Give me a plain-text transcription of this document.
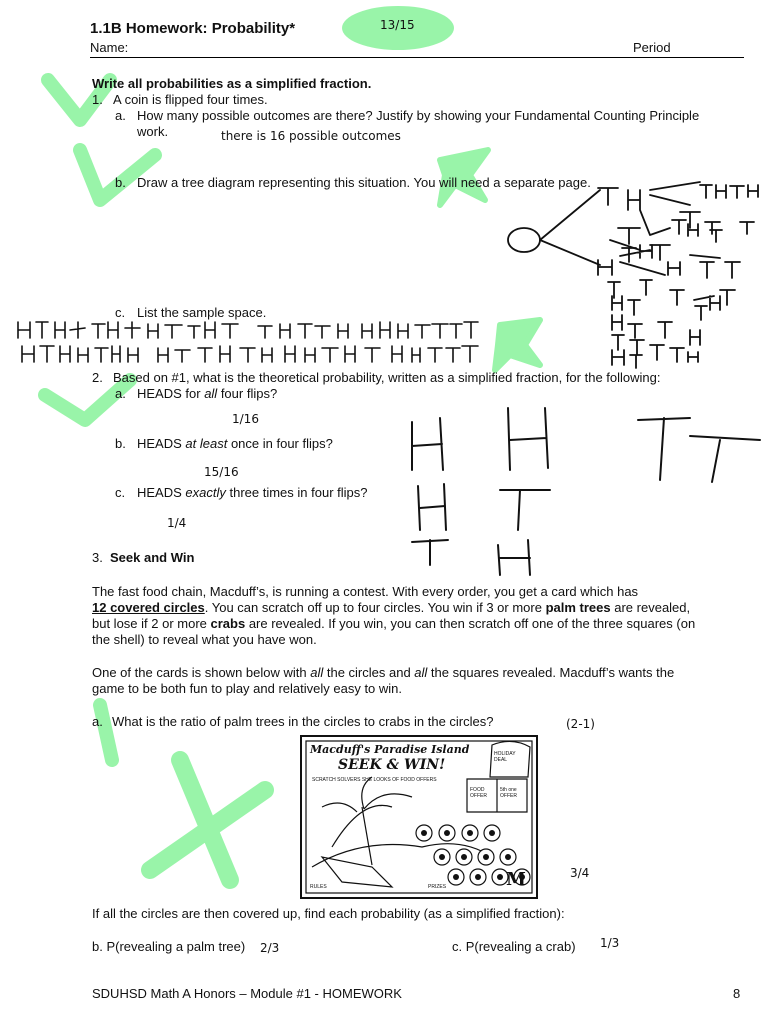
1.1B Homework: Probability*
Name:	Period
13/15
Write all probabilities as a simplified fraction.
1. A coin is flipped four times.
a. How many possible outcomes are there? Justify by showing your Fundamental Counting Principle
work.	there is 16 possible outcomes
b. Draw a tree diagram representing this situation. You will need a separate page.
c. List the sample space.
2. Based on #1, what is the theoretical probability, written as a simplified fraction, for the following:
a. HEADS for all four flips?
1/16
b. HEADS at least once in four flips?
15/16
c. HEADS exactly three times in four flips?
1/4
3. Seek and Win
The fast food chain, Macduff’s, is running a contest. With every order, you get a card which has
12 covered circles. You can scratch off up to four circles. You win if 3 or more palm trees are revealed,
but lose if 2 or more crabs are revealed. If you win, you can then scratch off one of the three squares (on
the shell) to reveal what you have won.
One of the cards is shown below with all the circles and all the squares revealed. Macduff’s wants the
game to be both fun to play and relatively easy to win.
a. What is the ratio of palm trees in the circles to crabs in the circles?	(2-1)
Macduff's Paradise Island
SEEK & WIN!
SCRATCH SOLVERS SHE LOOKS OF FOOD OFFERS
HOLIDAY DEAL
FOOD OFFER
5th one OFFER
RULES	PRIZES	M	3/4
If all the circles are then covered up, find each probability (as a simplified fraction):
b. P(revealing a palm tree) 2/3	c. P(revealing a crab) 1/3
SDUHSD Math A Honors – Module #1 - HOMEWORK	8
